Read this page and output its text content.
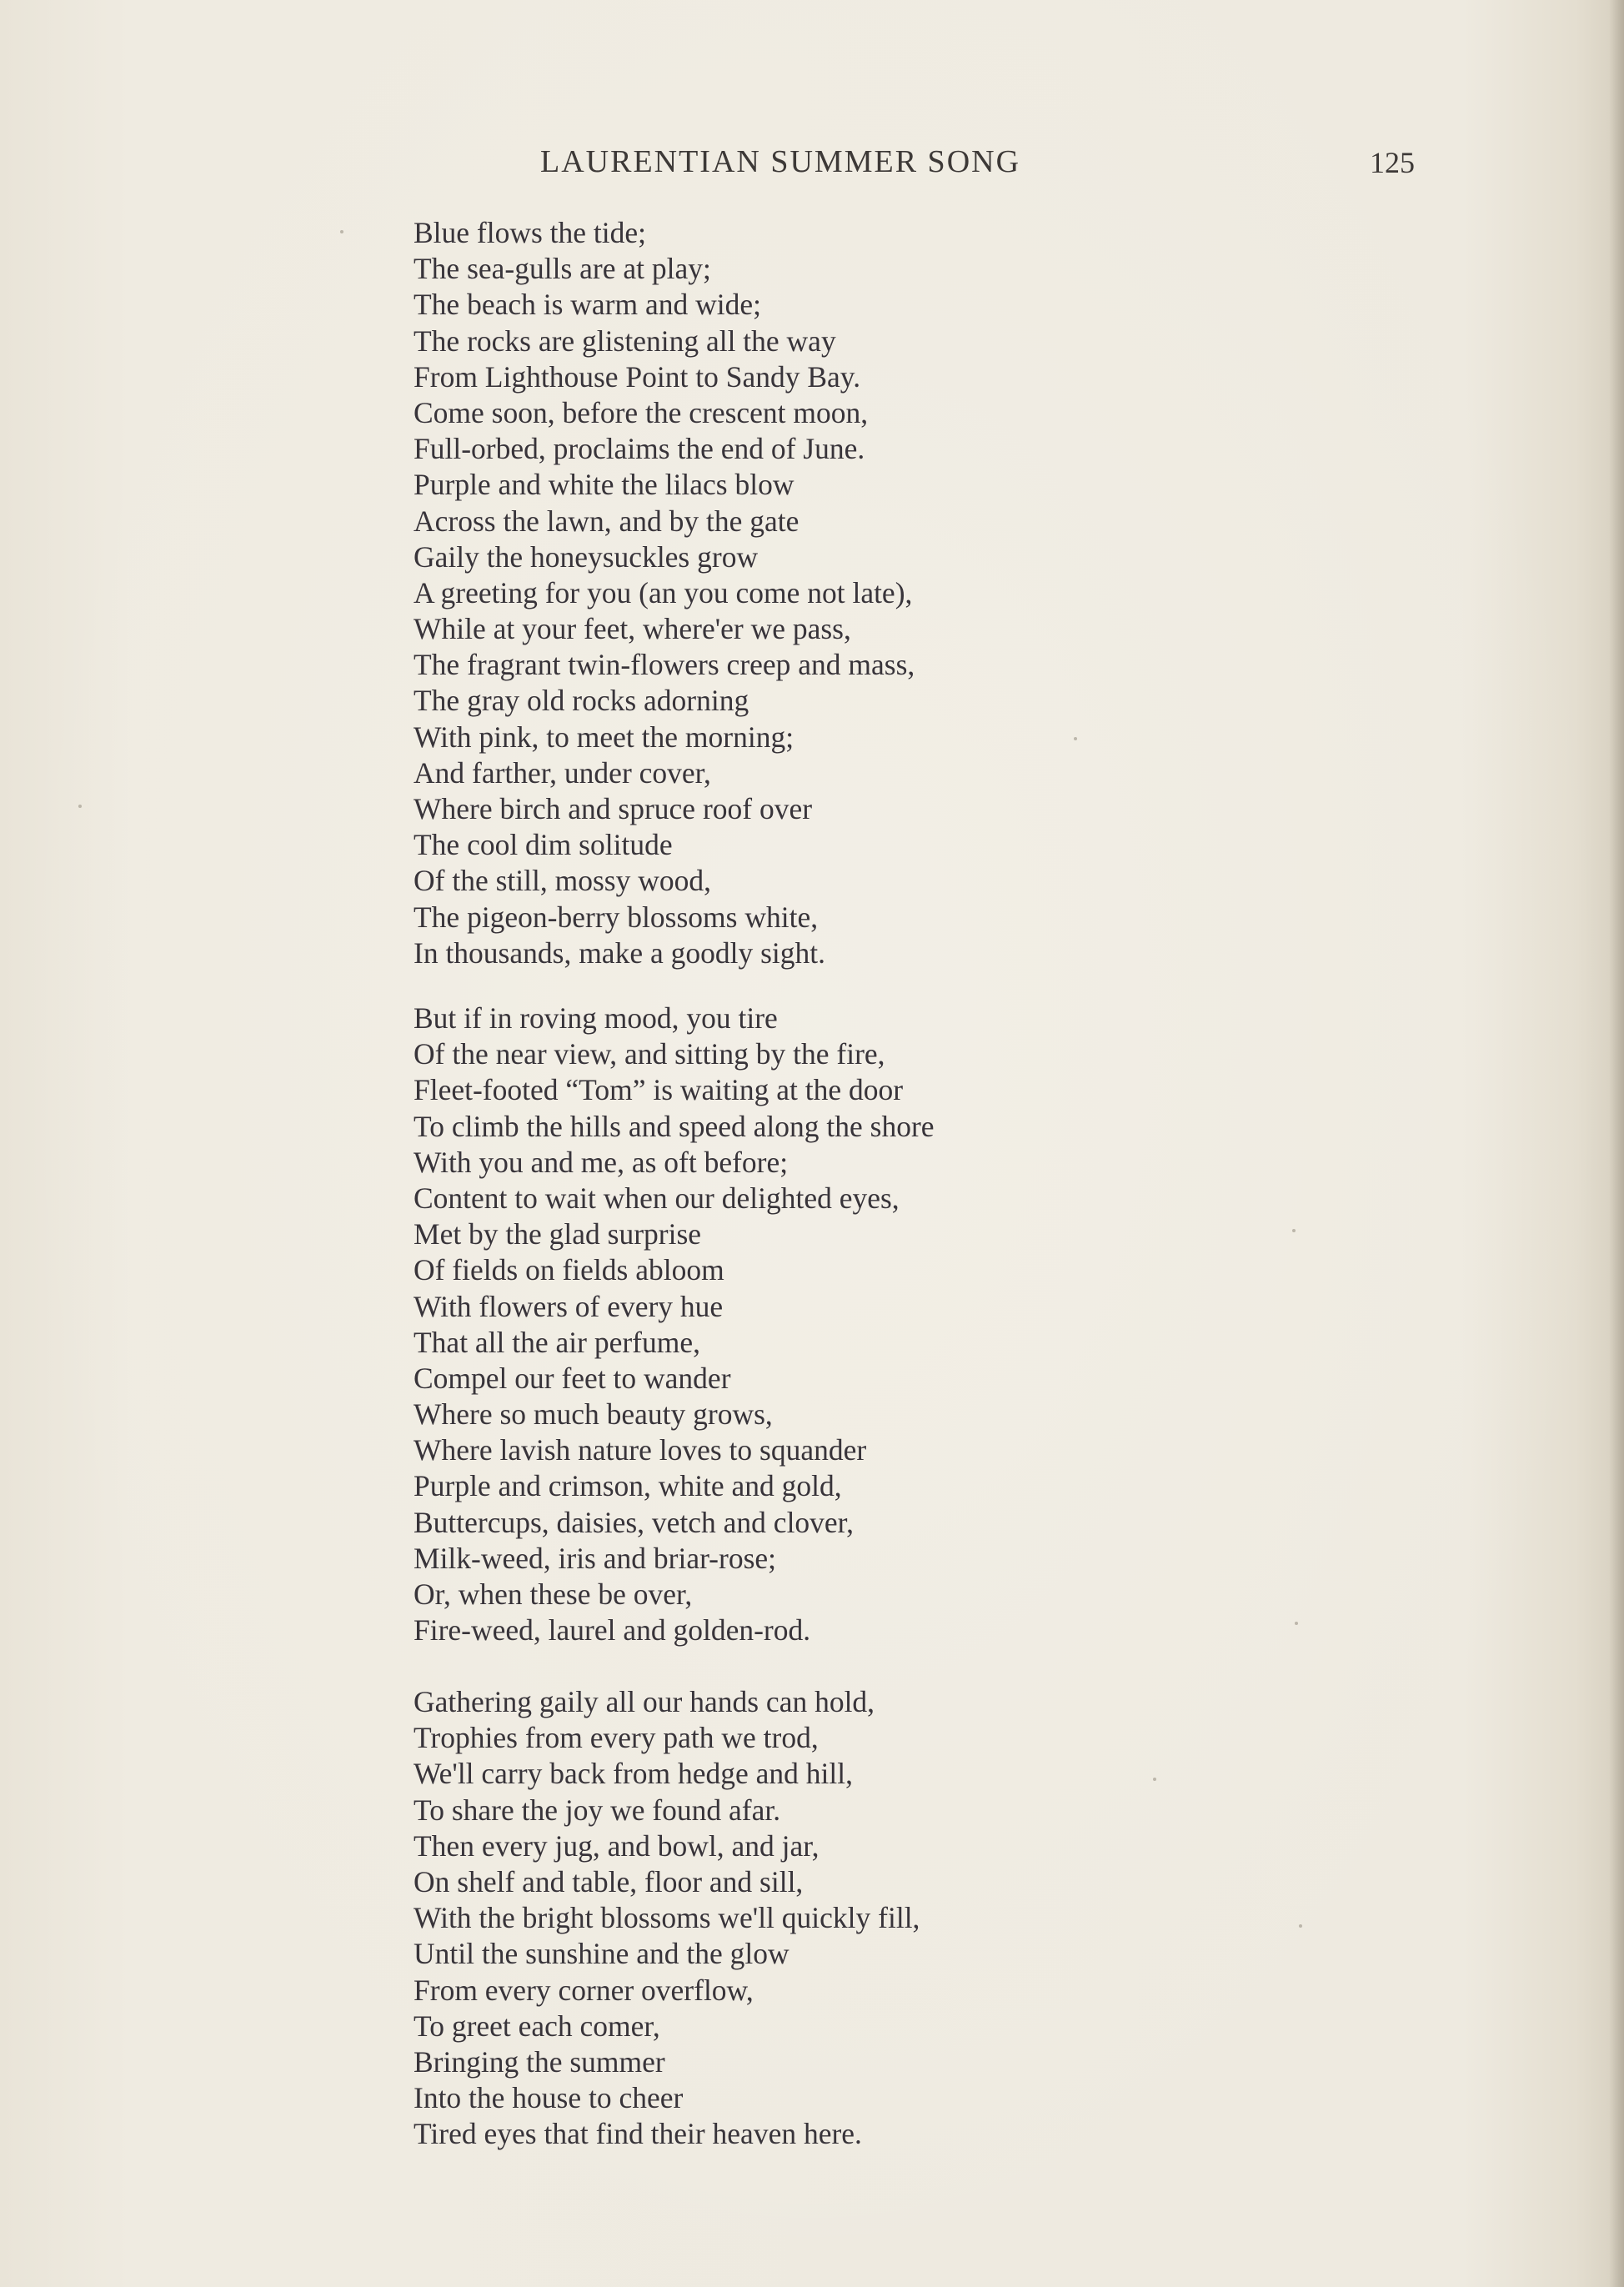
LAURENTIAN SUMMER SONG	125
Blue flows the tide;
The sea-gulls are at play;
The beach is warm and wide;
The rocks are glistening all the way
From Lighthouse Point to Sandy Bay.
Come soon, before the crescent moon,
Full-orbed, proclaims the end of June.
Purple and white the lilacs blow
Across the lawn, and by the gate
Gaily the honeysuckles grow
A greeting for you (an you come not late),
While at your feet, where'er we pass,
The fragrant twin-flowers creep and mass,
The gray old rocks adorning
With pink, to meet the morning;
And farther, under cover,
Where birch and spruce roof over
The cool dim solitude
Of the still, mossy wood,
The pigeon-berry blossoms white,
In thousands, make a goodly sight.
But if in roving mood, you tire
Of the near view, and sitting by the fire,
Fleet-footed “Tom” is waiting at the door
To climb the hills and speed along the shore
With you and me, as oft before;
Content to wait when our delighted eyes,
Met by the glad surprise
Of fields on fields abloom
With flowers of every hue
That all the air perfume,
Compel our feet to wander
Where so much beauty grows,
Where lavish nature loves to squander
Purple and crimson, white and gold,
Buttercups, daisies, vetch and clover,
Milk-weed, iris and briar-rose;
Or, when these be over,
Fire-weed, laurel and golden-rod.
Gathering gaily all our hands can hold,
Trophies from every path we trod,
We'll carry back from hedge and hill,
To share the joy we found afar.
Then every jug, and bowl, and jar,
On shelf and table, floor and sill,
With the bright blossoms we'll quickly fill,
Until the sunshine and the glow
From every corner overflow,
To greet each comer,
Bringing the summer
Into the house to cheer
Tired eyes that find their heaven here.
